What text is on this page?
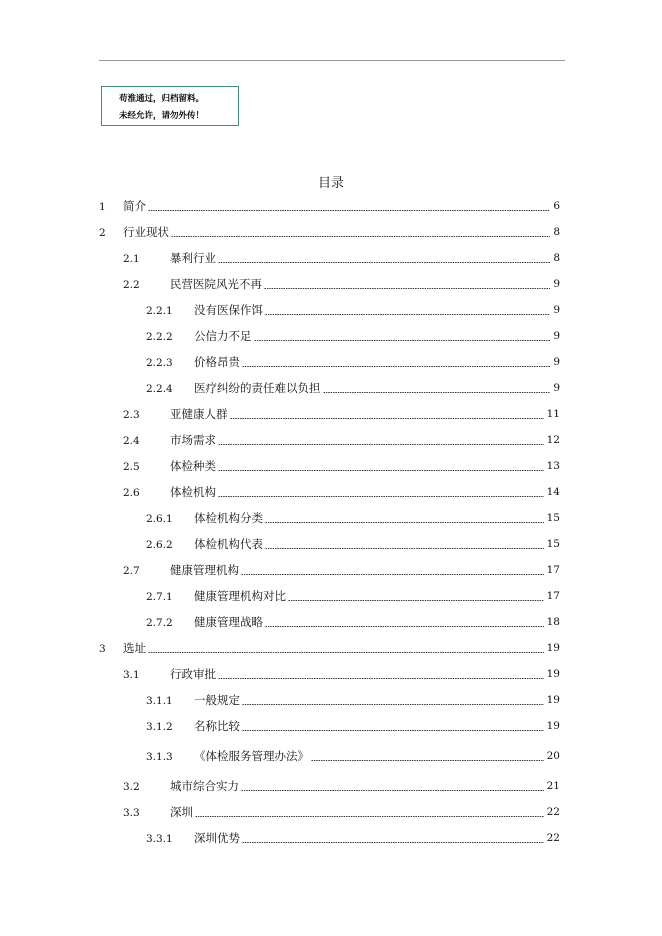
苟淮通过，归档留料。
未经允许，请勿外传！
目录
1 简介	6
2 行业现状	8
2.1	暴利行业	8
2.2	民营医院风光不再	9
2.2.1 没有医保作饵	9
2.2.2 公信力不足	9
2.2.3 价格昂贵	9
2.2.4 医疗纠纷的责任难以负担	9
2.3	亚健康人群	11
2.4	市场需求	12
2.5	体检种类	13
2.6	体检机构	14
2.6.1 体检机构分类	15
2.6.2 体检机构代表	15
2.7	健康管理机构	17
2.7.1 健康管理机构对比	17
2.7.2 健康管理战略	18
3 选址	19
3.1	行政审批	19
3.1.1 一般规定	19
3.1.2 名称比较	19
3.1.3 《体检服务管理办法》	20
3.2	城市综合实力	21
3.3	深圳	22
3.3.1 深圳优势	22
